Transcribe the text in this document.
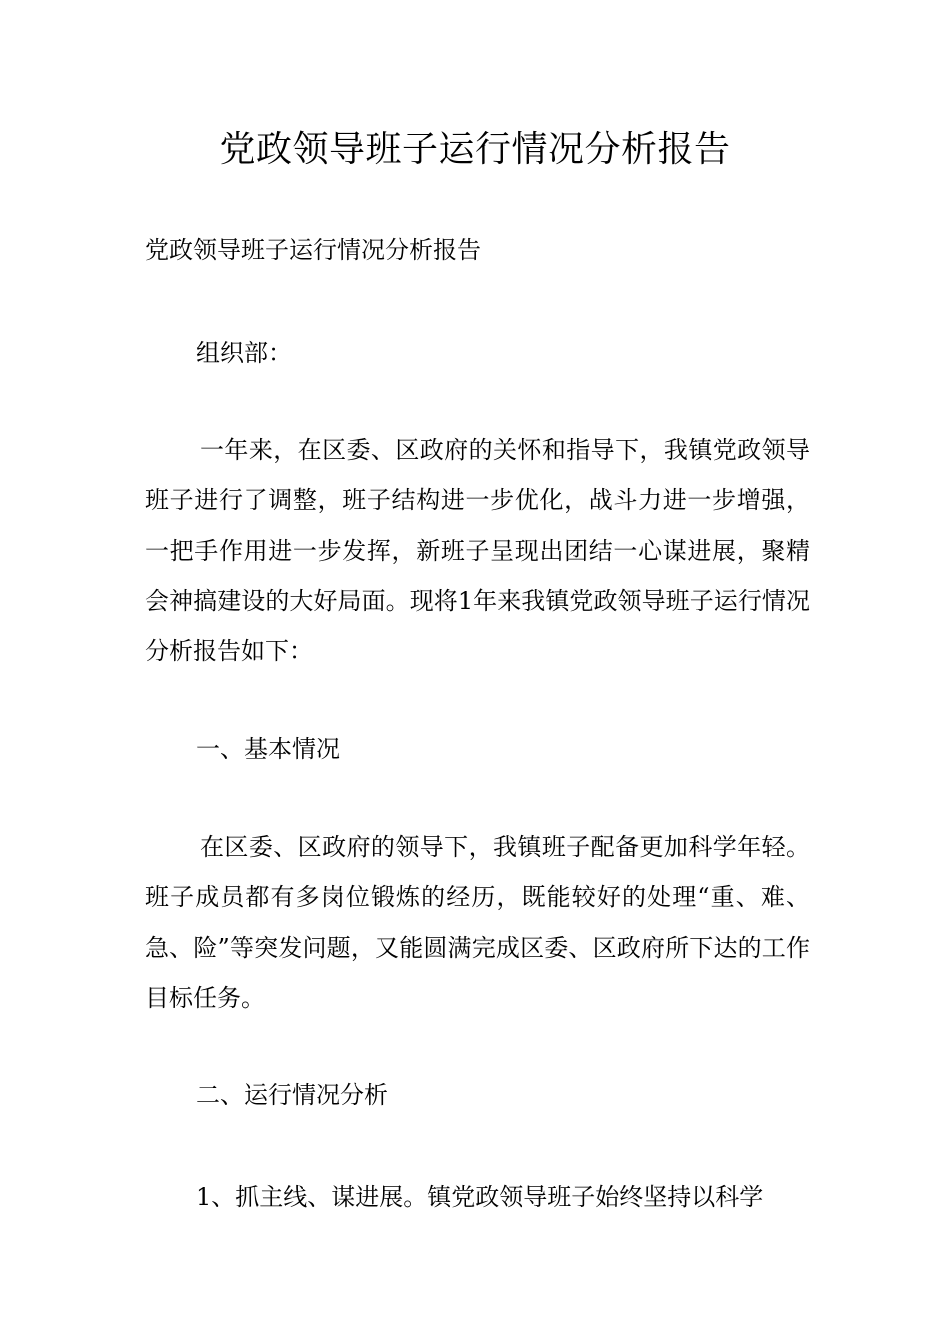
党政领导班子运行情况分析报告

党政领导班子运行情况分析报告

组织部：

一年来，在区委、区政府的关怀和指导下，我镇党政领导班子进行了调整，班子结构进一步优化，战斗力进一步增强，一把手作用进一步发挥，新班子呈现出团结一心谋进展，聚精会神搞建设的大好局面。现将1年来我镇党政领导班子运行情况分析报告如下：

一、基本情况

在区委、区政府的领导下，我镇班子配备更加科学年轻。班子成员都有多岗位锻炼的经历，既能较好的处理“重、难、急、险”等突发问题，又能圆满完成区委、区政府所下达的工作目标任务。

二、运行情况分析

1、抓主线、谋进展。镇党政领导班子始终坚持以科学
